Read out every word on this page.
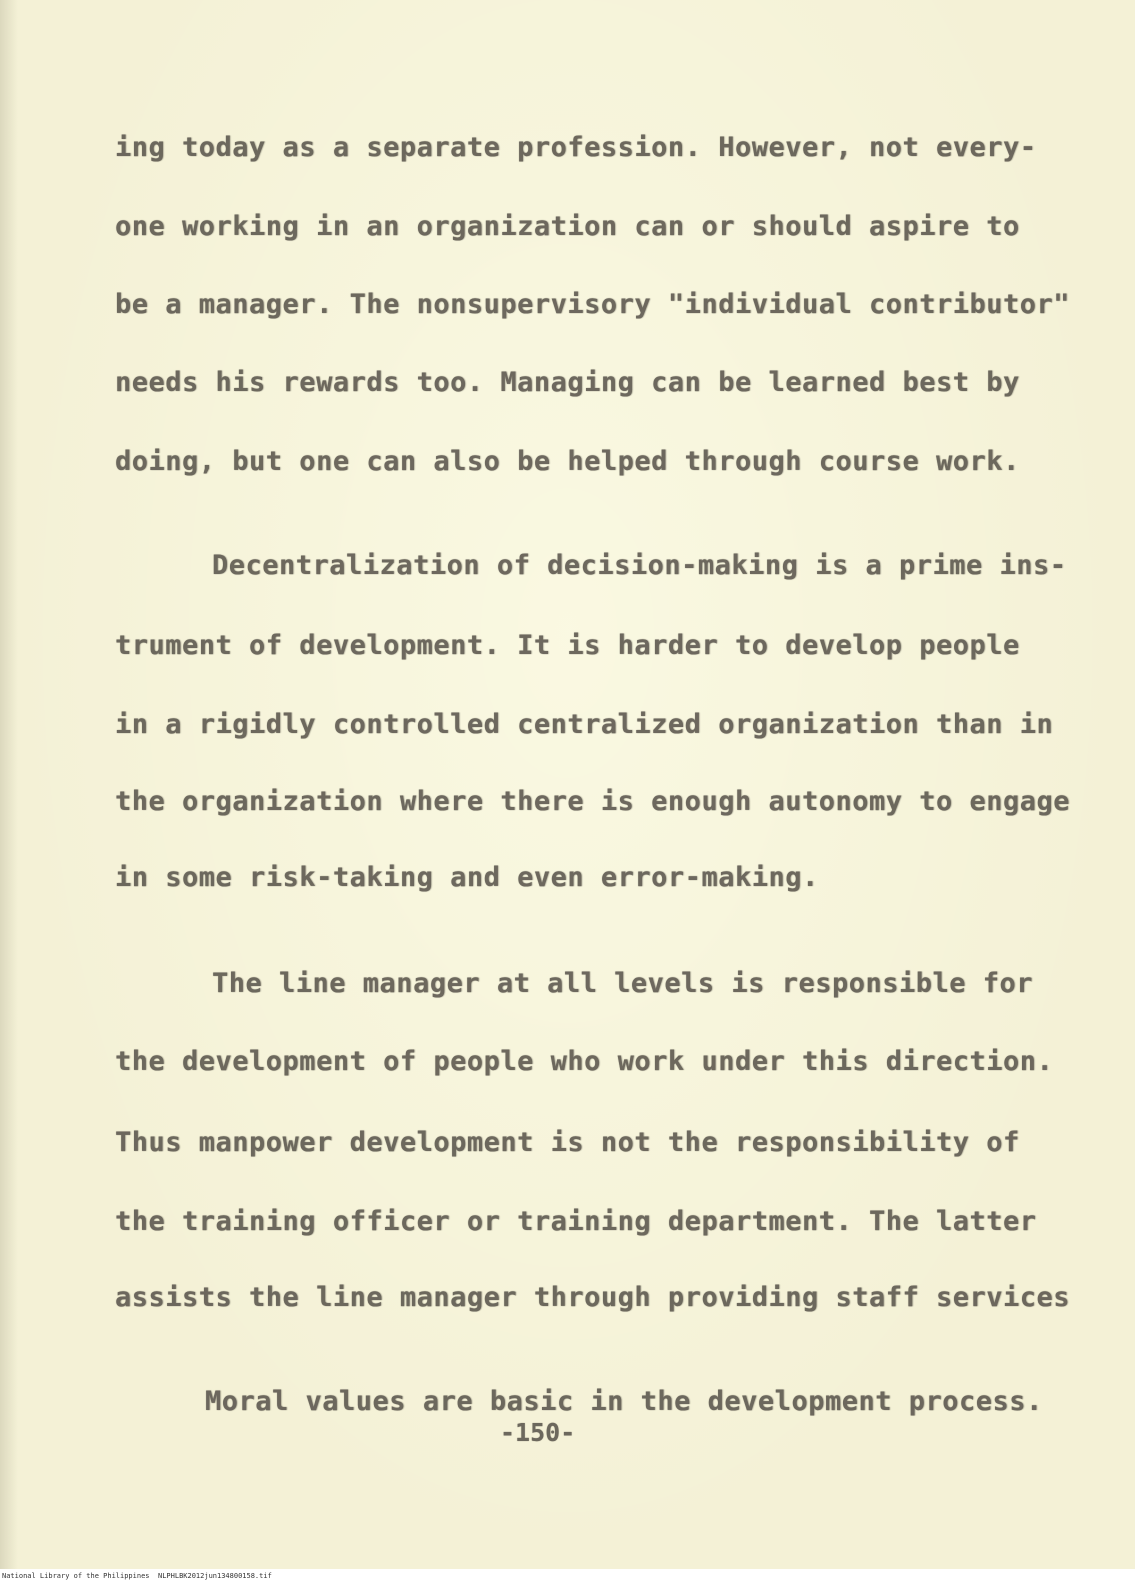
ing today as a separate profession. However, not every-
one working in an organization can or should aspire to
be a manager. The nonsupervisory "individual contributor"
needs his rewards too. Managing can be learned best by
doing, but one can also be helped through course work.
Decentralization of decision-making is a prime ins-
trument of development. It is harder to develop people
in a rigidly controlled centralized organization than in
the organization where there is enough autonomy to engage
in some risk-taking and even error-making.
The line manager at all levels is responsible for
the development of people who work under this direction.
Thus manpower development is not the responsibility of
the training officer or training department. The latter
assists the line manager through providing staff services
Moral values are basic in the development process.
-150-
National Library of the Philippines NLPHLBK2012jun134800158.tif
